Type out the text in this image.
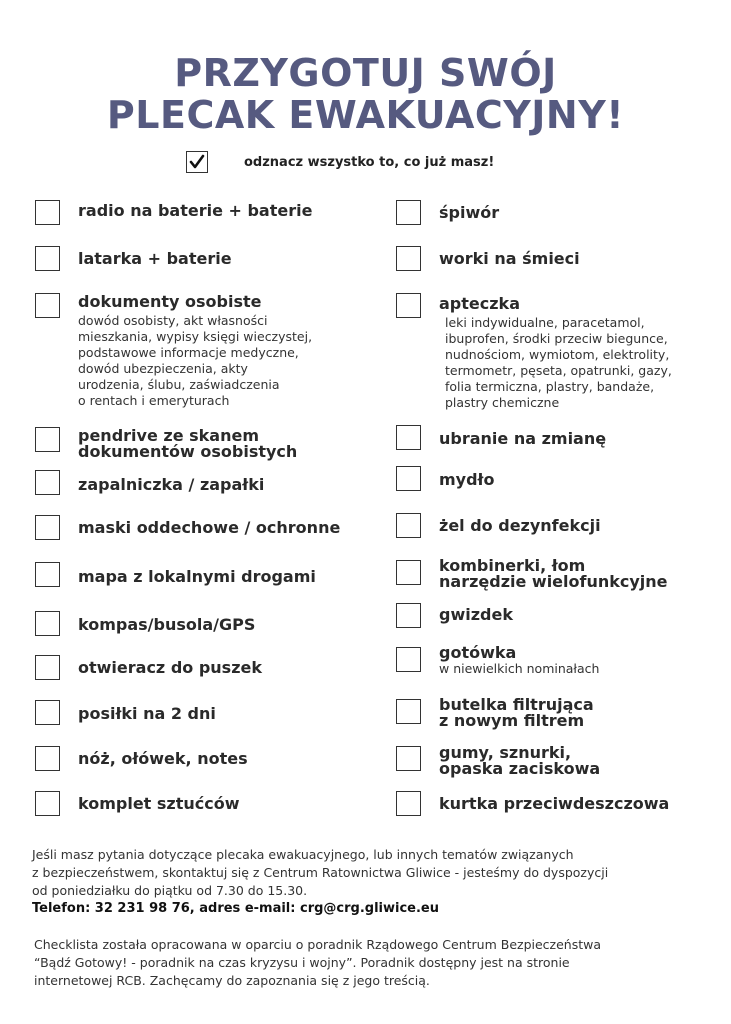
PRZYGOTUJ SWÓJ
PLECAK EWAKUACYJNY!
odznacz wszystko to, co już masz!
radio na baterie + baterie
latarka + baterie
dokumenty osobiste
dowód osobisty, akt własności
mieszkania, wypisy księgi wieczystej,
podstawowe informacje medyczne,
dowód ubezpieczenia, akty
urodzenia, ślubu, zaświadczenia
o rentach i emeryturach
pendrive ze skanem
dokumentów osobistych
zapalniczka / zapałki
maski oddechowe / ochronne
mapa z lokalnymi drogami
kompas/busola/GPS
otwieracz do puszek
posiłki na 2 dni
nóż, ołówek, notes
komplet sztućców
śpiwór
worki na śmieci
apteczka
leki indywidualne, paracetamol,
ibuprofen, środki przeciw biegunce,
nudnościom, wymiotom, elektrolity,
termometr, pęseta, opatrunki, gazy,
folia termiczna, plastry, bandaże,
plastry chemiczne
ubranie na zmianę
mydło
żel do dezynfekcji
kombinerki, łom
narzędzie wielofunkcyjne
gwizdek
gotówka
w niewielkich nominałach
butelka filtrująca
z nowym filtrem
gumy, sznurki,
opaska zaciskowa
kurtka przeciwdeszczowa
Jeśli masz pytania dotyczące plecaka ewakuacyjnego, lub innych tematów związanych
z bezpieczeństwem, skontaktuj się z Centrum Ratownictwa Gliwice - jesteśmy do dyspozycji
od poniedziałku do piątku od 7.30 do 15.30.
Telefon: 32 231 98 76, adres e-mail: crg@crg.gliwice.eu
Checklista została opracowana w oparciu o poradnik Rządowego Centrum Bezpieczeństwa
“Bądź Gotowy! - poradnik na czas kryzysu i wojny”. Poradnik dostępny jest na stronie
internetowej RCB. Zachęcamy do zapoznania się z jego treścią.
